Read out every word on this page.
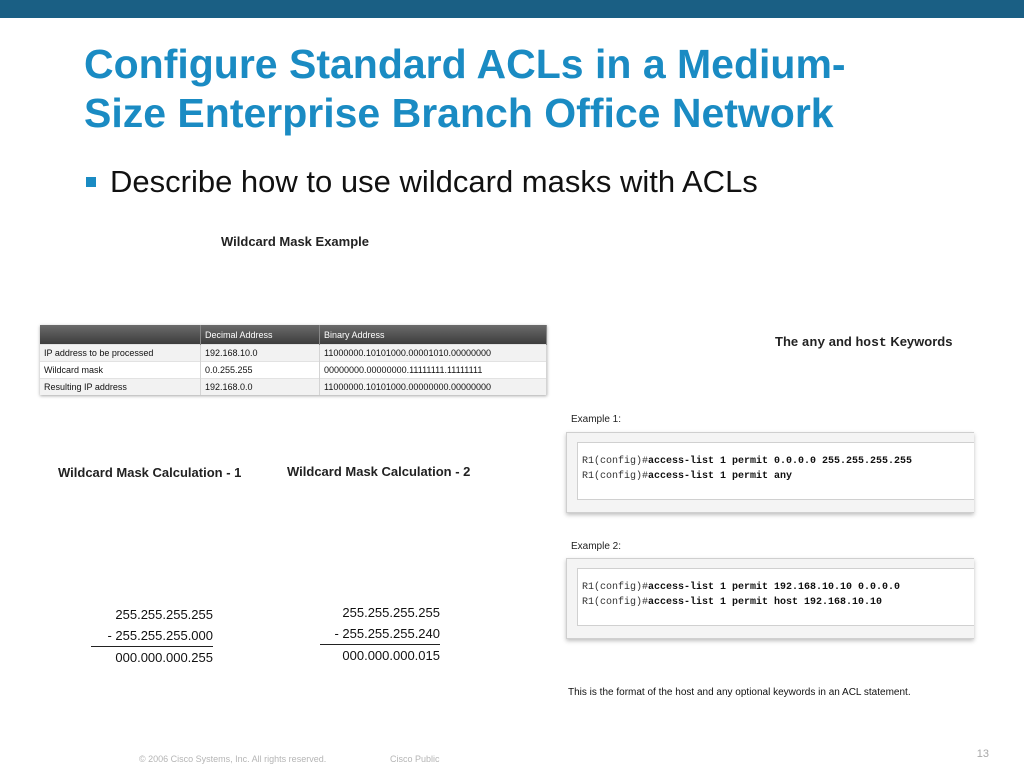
Configure Standard ACLs in a Medium-
Size Enterprise Branch Office Network
Describe how to use wildcard masks with ACLs
Wildcard Mask Example
	Decimal Address	Binary Address
IP address to be processed	192.168.10.0	11000000.10101000.00001010.00000000
Wildcard mask	0.0.255.255	00000000.00000000.11111111.11111111
Resulting IP address	192.168.0.0	11000000.10101000.00000000.00000000
Wildcard Mask Calculation - 1	Wildcard Mask Calculation - 2
255.255.255.255
- 255.255.255.000
000.000.000.255
255.255.255.255
- 255.255.255.240
000.000.000.015
The any and host Keywords
Example 1:
R1(config)#access-list 1 permit 0.0.0.0 255.255.255.255
R1(config)#access-list 1 permit any
Example 2:
R1(config)#access-list 1 permit 192.168.10.10 0.0.0.0
R1(config)#access-list 1 permit host 192.168.10.10
This is the format of the host and any optional keywords in an ACL statement.
© 2006 Cisco Systems, Inc. All rights reserved.	Cisco Public	13
